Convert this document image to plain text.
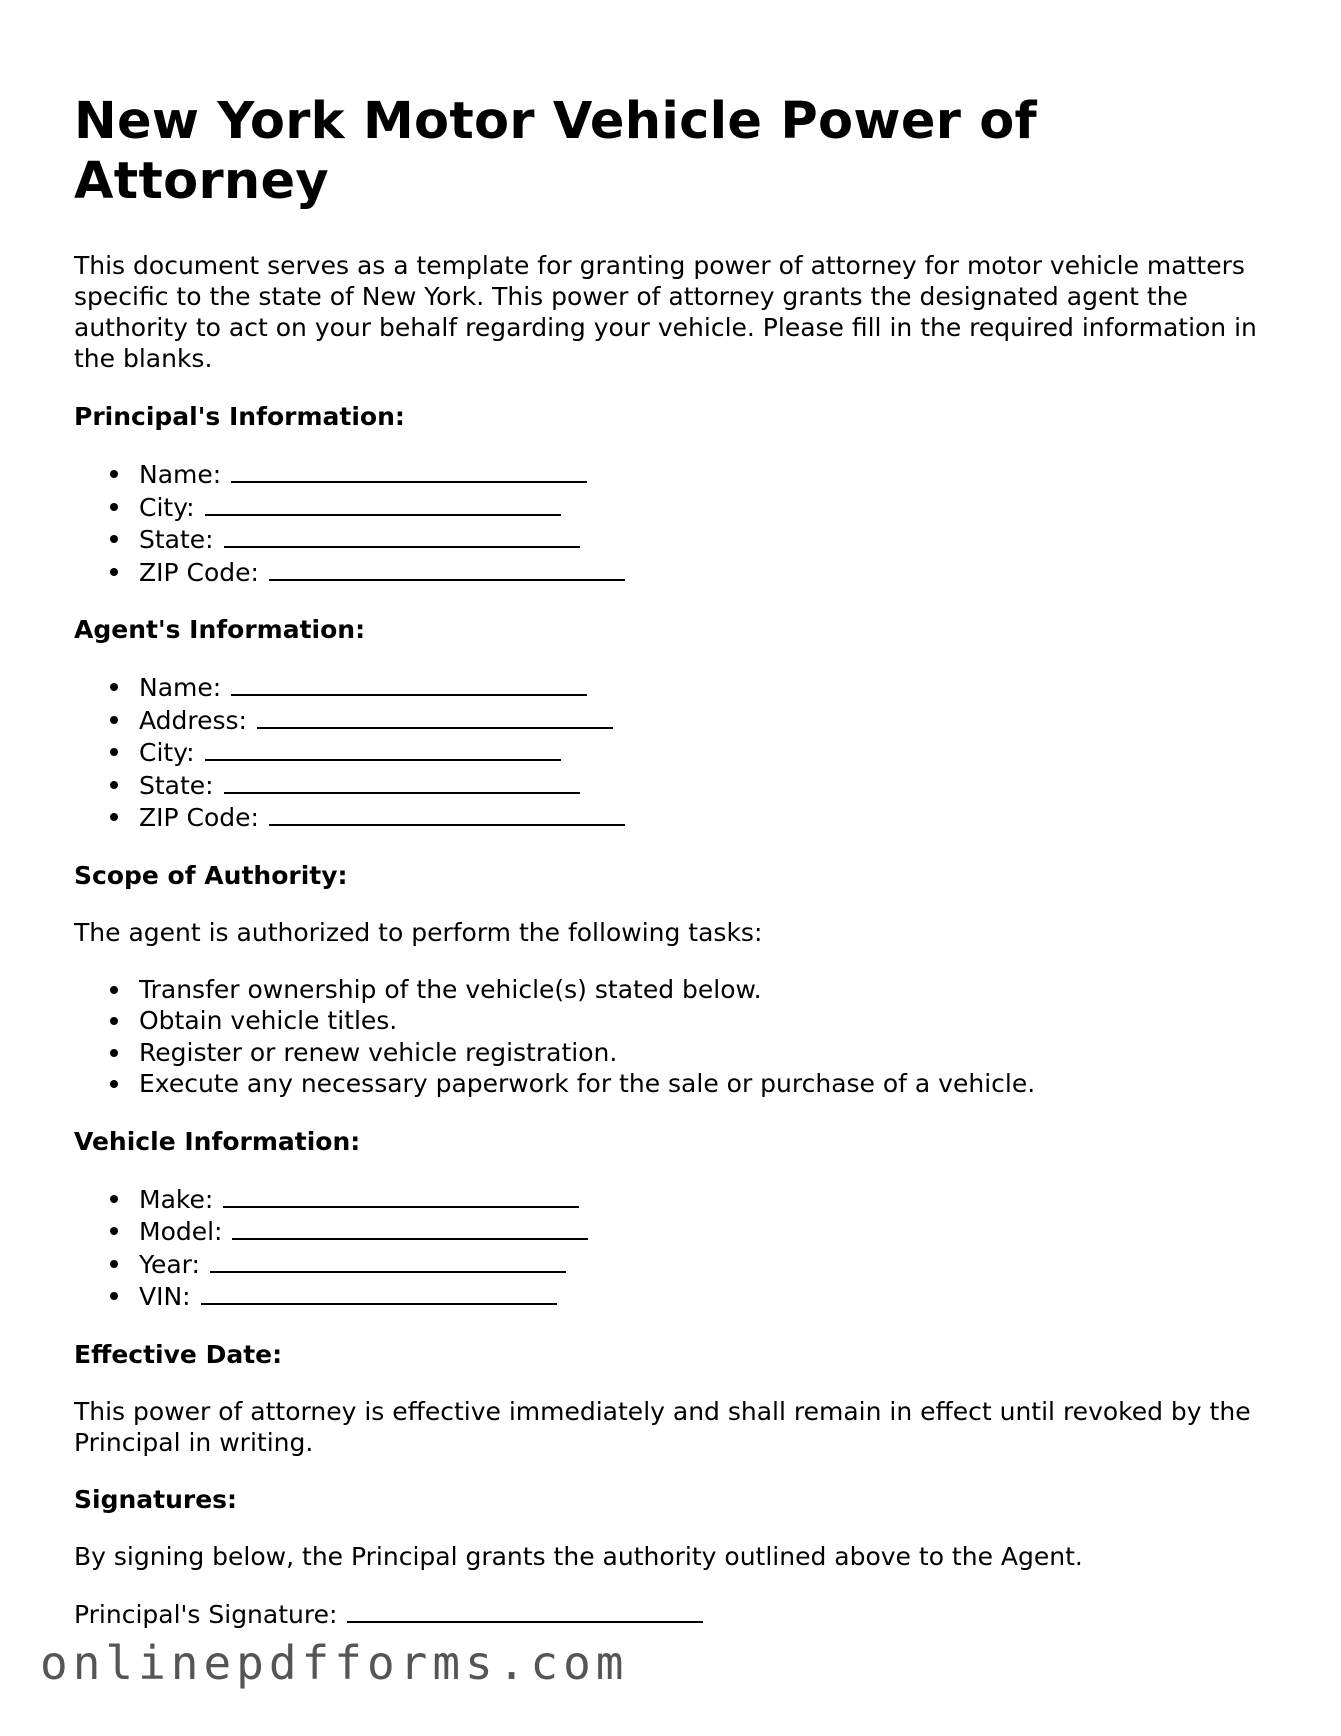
New York Motor Vehicle Power of Attorney

This document serves as a template for granting power of attorney for motor vehicle matters specific to the state of New York. This power of attorney grants the designated agent the authority to act on your behalf regarding your vehicle. Please fill in the required information in the blanks.

Principal's Information:
Name:
City:
State:
ZIP Code:
Agent's Information:
Name:
Address:
City:
State:
ZIP Code:
Scope of Authority:

The agent is authorized to perform the following tasks:

Transfer ownership of the vehicle(s) stated below.
Obtain vehicle titles.
Register or renew vehicle registration.
Execute any necessary paperwork for the sale or purchase of a vehicle.
Vehicle Information:
Make:
Model:
Year:
VIN:
Effective Date:

This power of attorney is effective immediately and shall remain in effect until revoked by the Principal in writing.

Signatures:

By signing below, the Principal grants the authority outlined above to the Agent.

Principal's Signature:
onlinepdfforms.com
